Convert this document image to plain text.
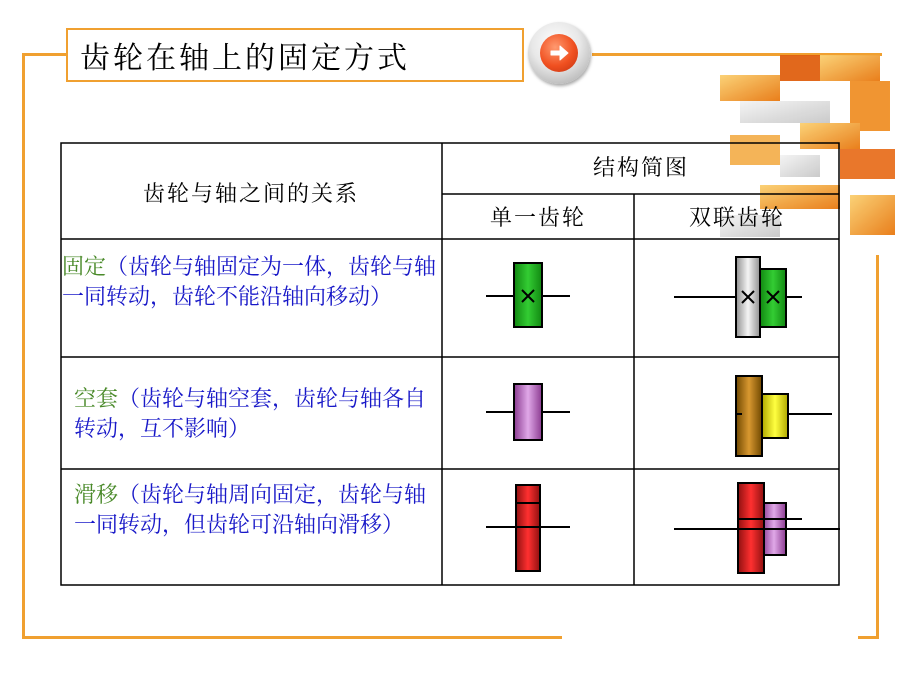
齿轮在轴上的固定方式
齿轮与轴之间的关系
结构简图
单一齿轮	双联齿轮
固定（齿轮与轴固定为一体，齿轮与轴一同转动，齿轮不能沿轴向移动）
空套（齿轮与轴空套，齿轮与轴各自转动，互不影响）
滑移（齿轮与轴周向固定，齿轮与轴一同转动，但齿轮可沿轴向滑移）
